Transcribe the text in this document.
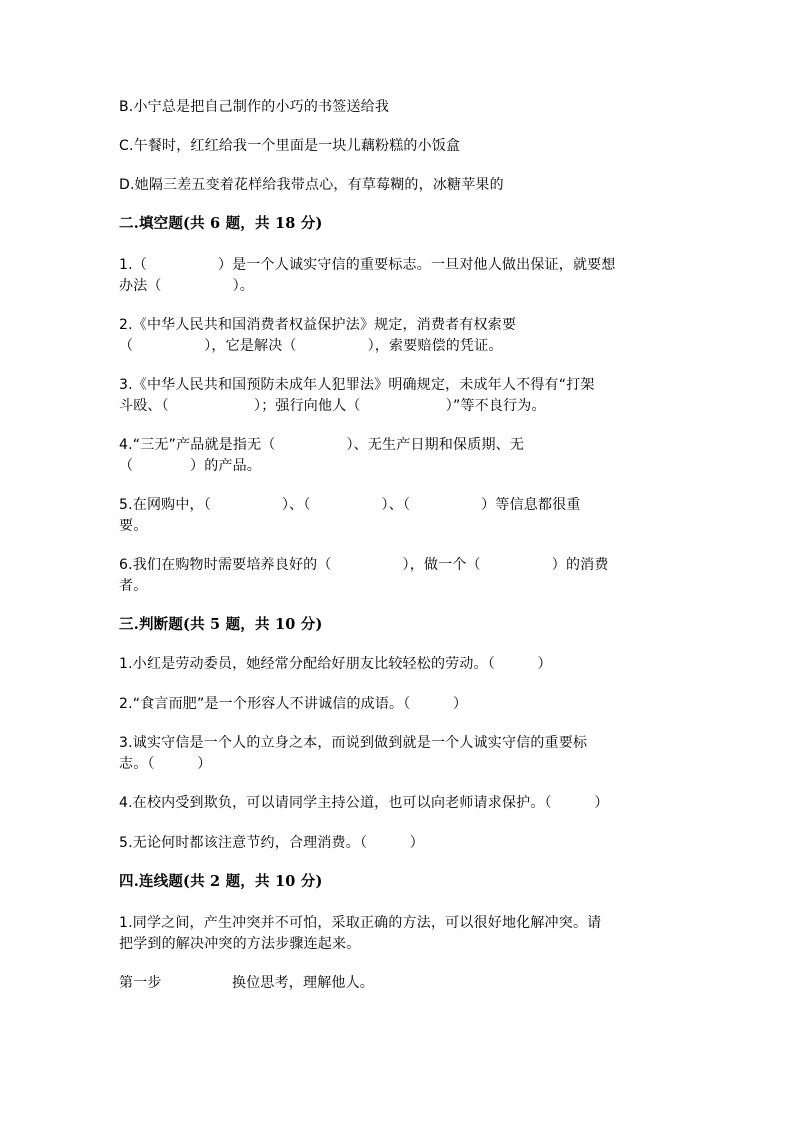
B.小宁总是把自己制作的小巧的书签送给我
C.午餐时，红红给我一个里面是一块儿藕粉糕的小饭盒
D.她隔三差五变着花样给我带点心，有草莓糊的，冰糖苹果的
二.填空题(共 6 题，共 18 分)
1.（　　　　　）是一个人诚实守信的重要标志。一旦对他人做出保证，就要想
办法（　　　　　）。
2.《中华人民共和国消费者权益保护法》规定，消费者有权索要
（　　　　　），它是解决（　　　　　），索要赔偿的凭证。
3.《中华人民共和国预防未成年人犯罪法》明确规定，未成年人不得有“打架
斗殴、（　　　　　　）；强行向他人（　　　　　　）”等不良行为。
4.“三无”产品就是指无（　　　　　）、无生产日期和保质期、无
（　　　　）的产品。
5.在网购中，（　　　　　）、（　　　　　）、（　　　　　）等信息都很重
要。
6.我们在购物时需要培养良好的（　　　　　），做一个（　　　　　）的消费
者。
三.判断题(共 5 题，共 10 分)
1.小红是劳动委员，她经常分配给好朋友比较轻松的劳动。（　　　）
2.“食言而肥”是一个形容人不讲诚信的成语。（　　　）
3.诚实守信是一个人的立身之本，而说到做到就是一个人诚实守信的重要标
志。（　　　）
4.在校内受到欺负，可以请同学主持公道，也可以向老师请求保护。（　　　）
5.无论何时都该注意节约，合理消费。（　　　）
四.连线题(共 2 题，共 10 分)
1.同学之间，产生冲突并不可怕，采取正确的方法，可以很好地化解冲突。请
把学到的解决冲突的方法步骤连起来。
第一步	换位思考，理解他人。
